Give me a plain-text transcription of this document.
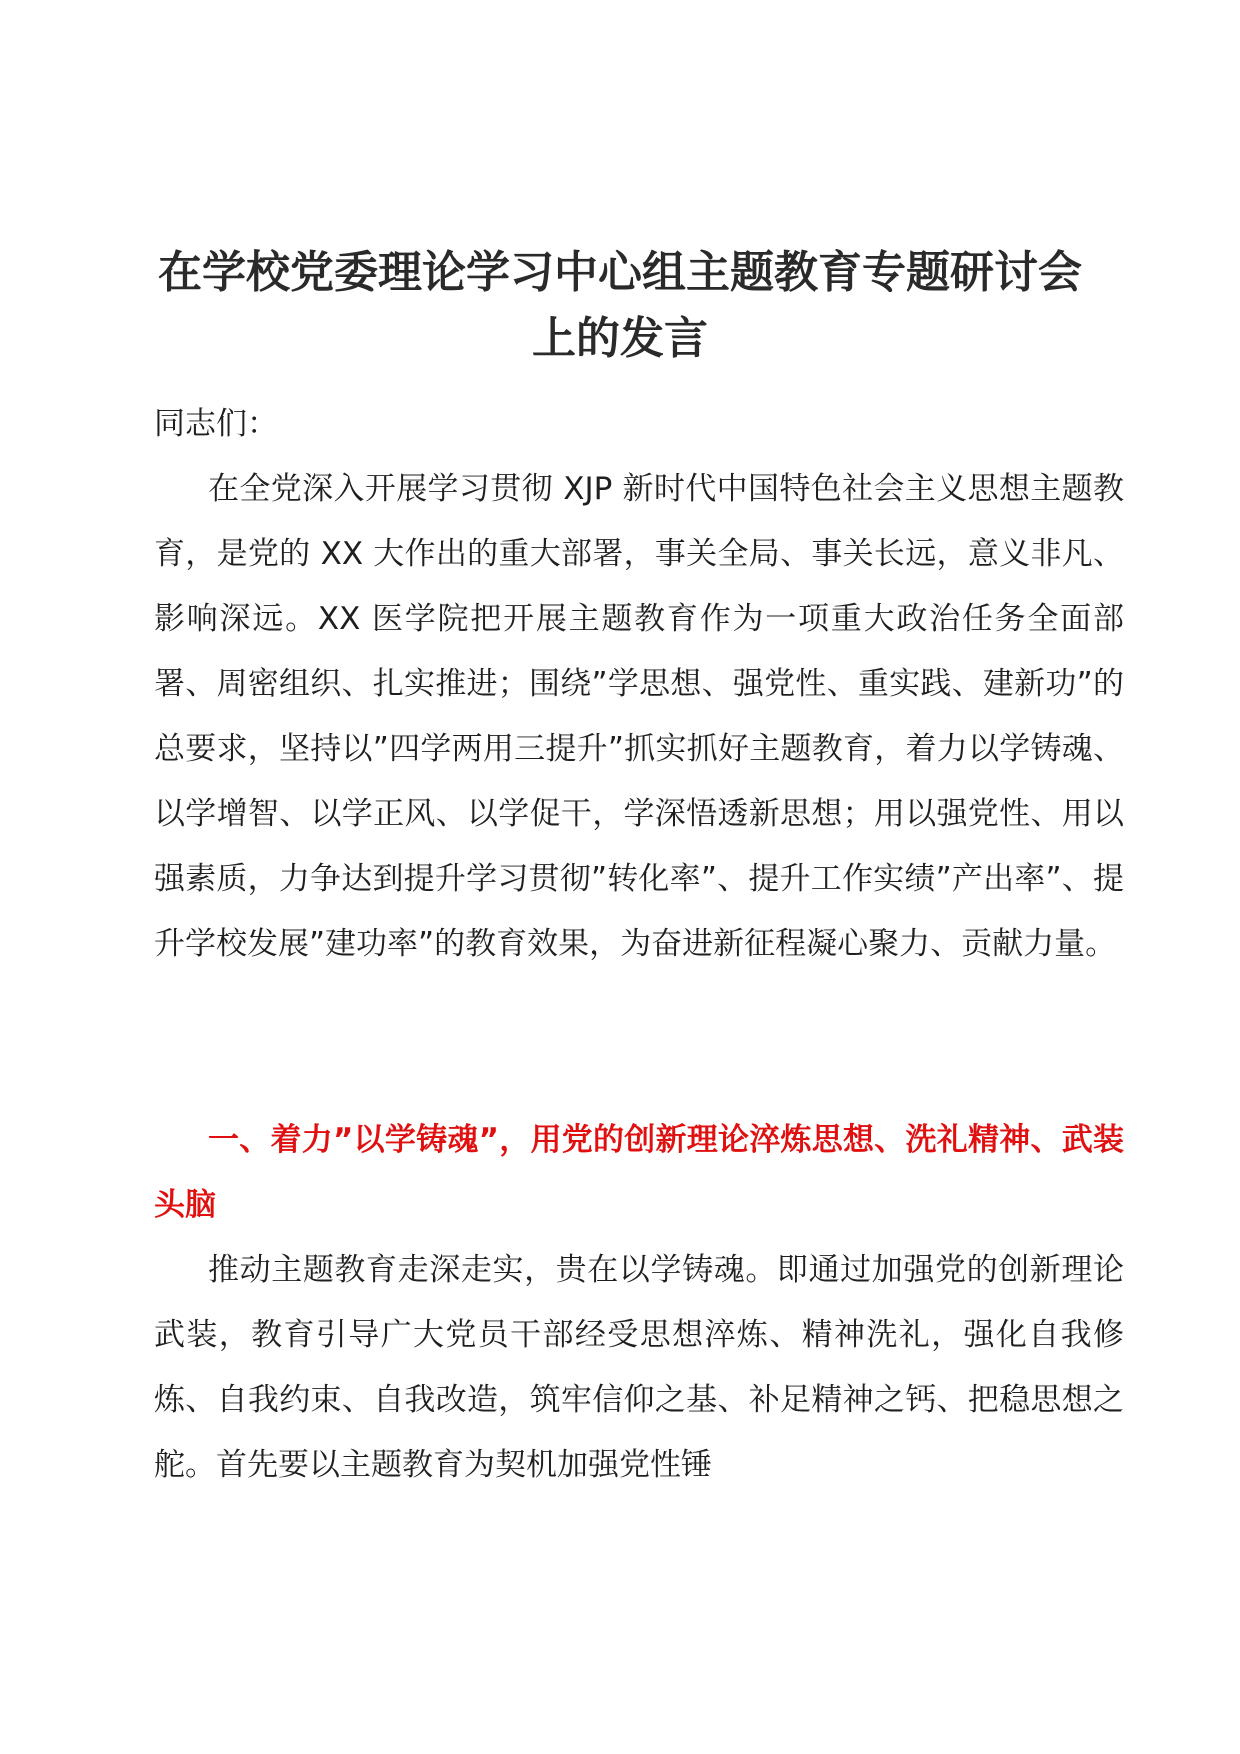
在学校党委理论学习中心组主题教育专题研讨会上的发言

同志们：

在全党深入开展学习贯彻 XJP 新时代中国特色社会主义思想主题教育，是党的 XX 大作出的重大部署，事关全局、事关长远，意义非凡、影响深远。XX 医学院把开展主题教育作为一项重大政治任务全面部署、周密组织、扎实推进；围绕”学思想、强党性、重实践、建新功”的总要求，坚持以”四学两用三提升”抓实抓好主题教育，着力以学铸魂、以学增智、以学正风、以学促干，学深悟透新思想；用以强党性、用以强素质，力争达到提升学习贯彻”转化率”、提升工作实绩”产出率”、提升学校发展”建功率”的教育效果，为奋进新征程凝心聚力、贡献力量。

一、着力”以学铸魂”，用党的创新理论淬炼思想、洗礼精神、武装头脑

推动主题教育走深走实，贵在以学铸魂。即通过加强党的创新理论武装，教育引导广大党员干部经受思想淬炼、精神洗礼，强化自我修炼、自我约束、自我改造，筑牢信仰之基、补足精神之钙、把稳思想之舵。首先要以主题教育为契机加强党性锤
